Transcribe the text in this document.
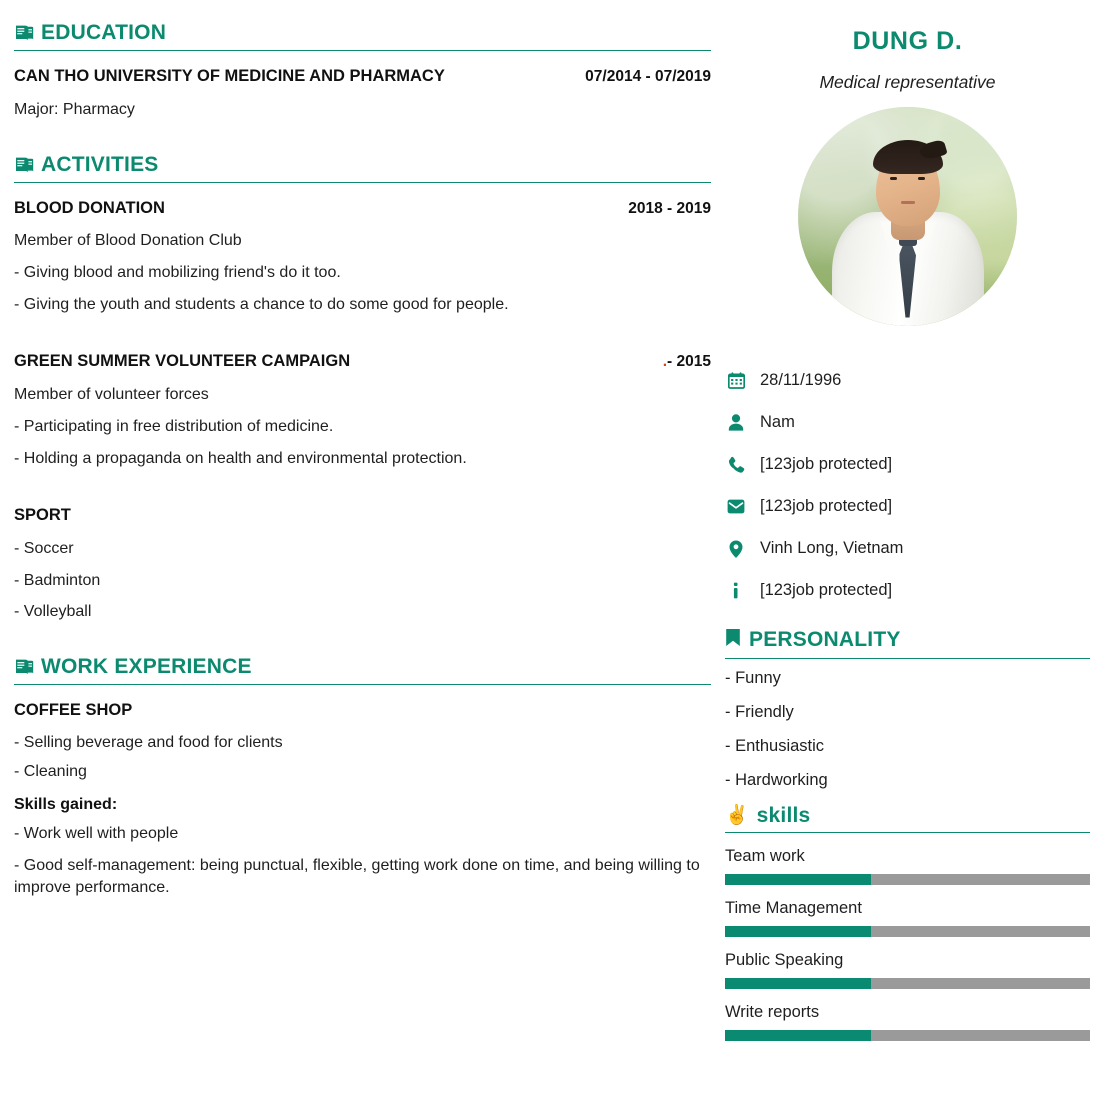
EDUCATION
CAN THO UNIVERSITY OF MEDICINE AND PHARMACY	07/2014 - 07/2019
Major: Pharmacy
ACTIVITIES
BLOOD DONATION	2018 - 2019
Member of Blood Donation Club
- Giving blood and mobilizing friend's do it too.
- Giving the youth and students a chance to do some good for people.
GREEN SUMMER VOLUNTEER CAMPAIGN	.- 2015
Member of volunteer forces
- Participating in free distribution of medicine.
- Holding a propaganda on health and environmental protection.
SPORT
- Soccer
- Badminton
- Volleyball
WORK EXPERIENCE
COFFEE SHOP
- Selling beverage and food for clients
- Cleaning
Skills gained:
- Work well with people
- Good self-management: being punctual, flexible, getting work done on time, and being willing to improve performance.
DUNG D.
Medical representative
28/11/1996
Nam
[123job protected]
[123job protected]
Vinh Long, Vietnam
[123job protected]
PERSONALITY
- Funny
- Friendly
- Enthusiastic
- Hardworking
✌ skills
Team work
Time Management
Public Speaking
Write reports
